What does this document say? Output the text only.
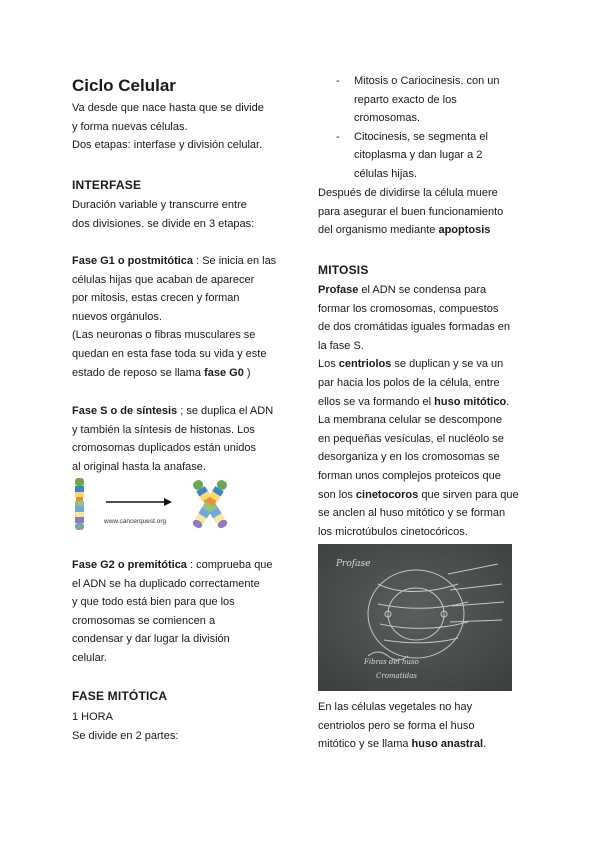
Ciclo Celular
Va desde que nace hasta que se divide
y forma nuevas células.
Dos etapas: interfase y división celular.
INTERFASE
Duración variable y transcurre entre
dos divisiones. se divide en 3 etapas:
Fase G1 o postmitótica : Se inicia en las
células hijas que acaban de aparecer
por mitosis, estas crecen y forman
nuevos orgánulos.
(Las neuronas o fibras musculares se
quedan en esta fase toda su vida y este
estado de reposo se llama fase G0 )
Fase S o de síntesis ; se duplica el ADN
y también la síntesis de histonas. Los
cromosomas duplicados están unidos
al original hasta la anafase.
www.cancerquest.org
Fase G2 o premitótica : comprueba que
el ADN se ha duplicado correctamente
y que todo está bien para que los
cromosomas se comiencen a
condensar y dar lugar la división
celular.
FASE MITÓTICA
1 HORA
Se divide en 2 partes:
- Mitosis o Cariocinesis. con un
reparto exacto de los
cromosomas.
- Citocinesis, se segmenta el
citoplasma y dan lugar a 2
células hijas.
Después de dividirse la célula muere
para asegurar el buen funcionamiento
del organismo mediante apoptosis
MITOSIS
Profase el ADN se condensa para
formar los cromosomas, compuestos
de dos cromátidas iguales formadas en
la fase S.
Los centriolos se duplican y se va un
par hacia los polos de la célula, entre
ellos se va formando el huso mitótico.
La membrana celular se descompone
en pequeñas vesículas, el nucléolo se
desorganiza y en los cromosomas se
forman unos complejos proteicos que
son los cinetocoros que sirven para que
se anclen al huso mitótico y se forman
los microtúbulos cinetocóricos.
Profase
Fibras del huso
Cromatidas
En las células vegetales no hay
centriolos pero se forma el huso
mitótico y se llama huso anastral.
